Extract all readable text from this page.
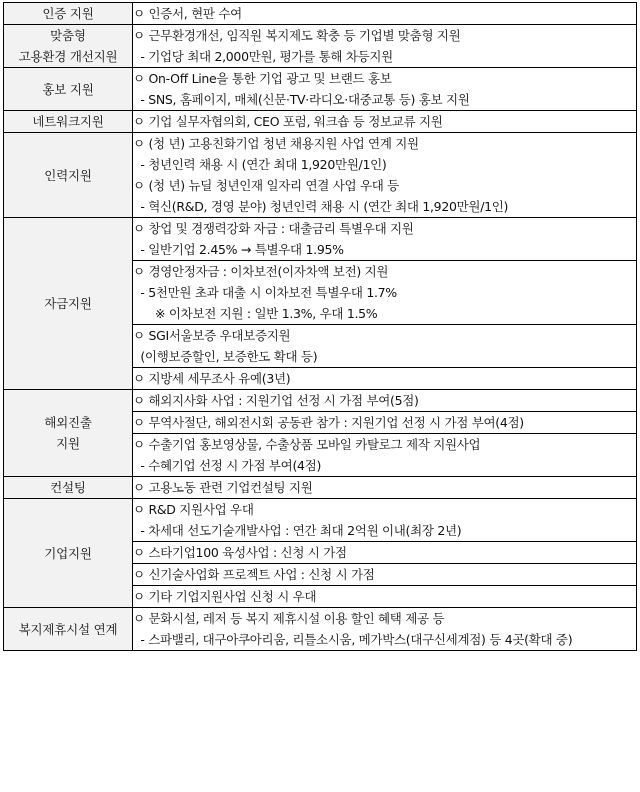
인증 지원	ㅇ 인증서, 현판 수여

맞춤형
고용환경 개선지원	ㅇ 근무환경개선, 임직원 복지제도 확충 등 기업별 맞춤형 지원
- 기업당 최대 2,000만원, 평가를 통해 차등지원

홍보 지원	ㅇ On-Off Line을 통한 기업 광고 및 브랜드 홍보
- SNS, 홈페이지, 매체(신문·TV·라디오·대중교통 등) 홍보 지원

네트워크지원	ㅇ 기업 실무자협의회, CEO 포럼, 워크숍 등 정보교류 지원

인력지원	ㅇ (청 년) 고용친화기업 청년 채용지원 사업 연계 지원
- 청년인력 채용 시 (연간 최대 1,920만원/1인)
ㅇ (청 년) 뉴딜 청년인재 일자리 연결 사업 우대 등
- 혁신(R&D, 경영 분야) 청년인력 채용 시 (연간 최대 1,920만원/1인)

자금지원	ㅇ 창업 및 경쟁력강화 자금 : 대출금리 특별우대 지원
- 일반기업 2.45% → 특별우대 1.95%

	ㅇ 경영안정자금 : 이차보전(이자차액 보전) 지원
- 5천만원 초과 대출 시 이차보전 특별우대 1.7%
※ 이차보전 지원 : 일반 1.3%, 우대 1.5%

	ㅇ SGI서울보증 우대보증지원
(이행보증할인, 보증한도 확대 등)

	ㅇ 지방세 세무조사 유예(3년)

해외진출
지원	ㅇ 해외지사화 사업 : 지원기업 선정 시 가점 부여(5점)

	ㅇ 무역사절단, 해외전시회 공동관 참가 : 지원기업 선정 시 가점 부여(4점)

	ㅇ 수출기업 홍보영상물, 수출상품 모바일 카탈로그 제작 지원사업
- 수혜기업 선정 시 가점 부여(4점)

컨설팅	ㅇ 고용노동 관련 기업컨설팅 지원

기업지원	ㅇ R&D 지원사업 우대
- 차세대 선도기술개발사업 : 연간 최대 2억원 이내(최장 2년)

	ㅇ 스타기업100 육성사업 : 신청 시 가점

	ㅇ 신기술사업화 프로젝트 사업 : 신청 시 가점

	ㅇ 기타 기업지원사업 신청 시 우대

복지제휴시설 연계	ㅇ 문화시설, 레저 등 복지 제휴시설 이용 할인 혜택 제공 등
- 스파밸리, 대구아쿠아리움, 리틀소시움, 메가박스(대구신세계점) 등 4곳(확대 중)
